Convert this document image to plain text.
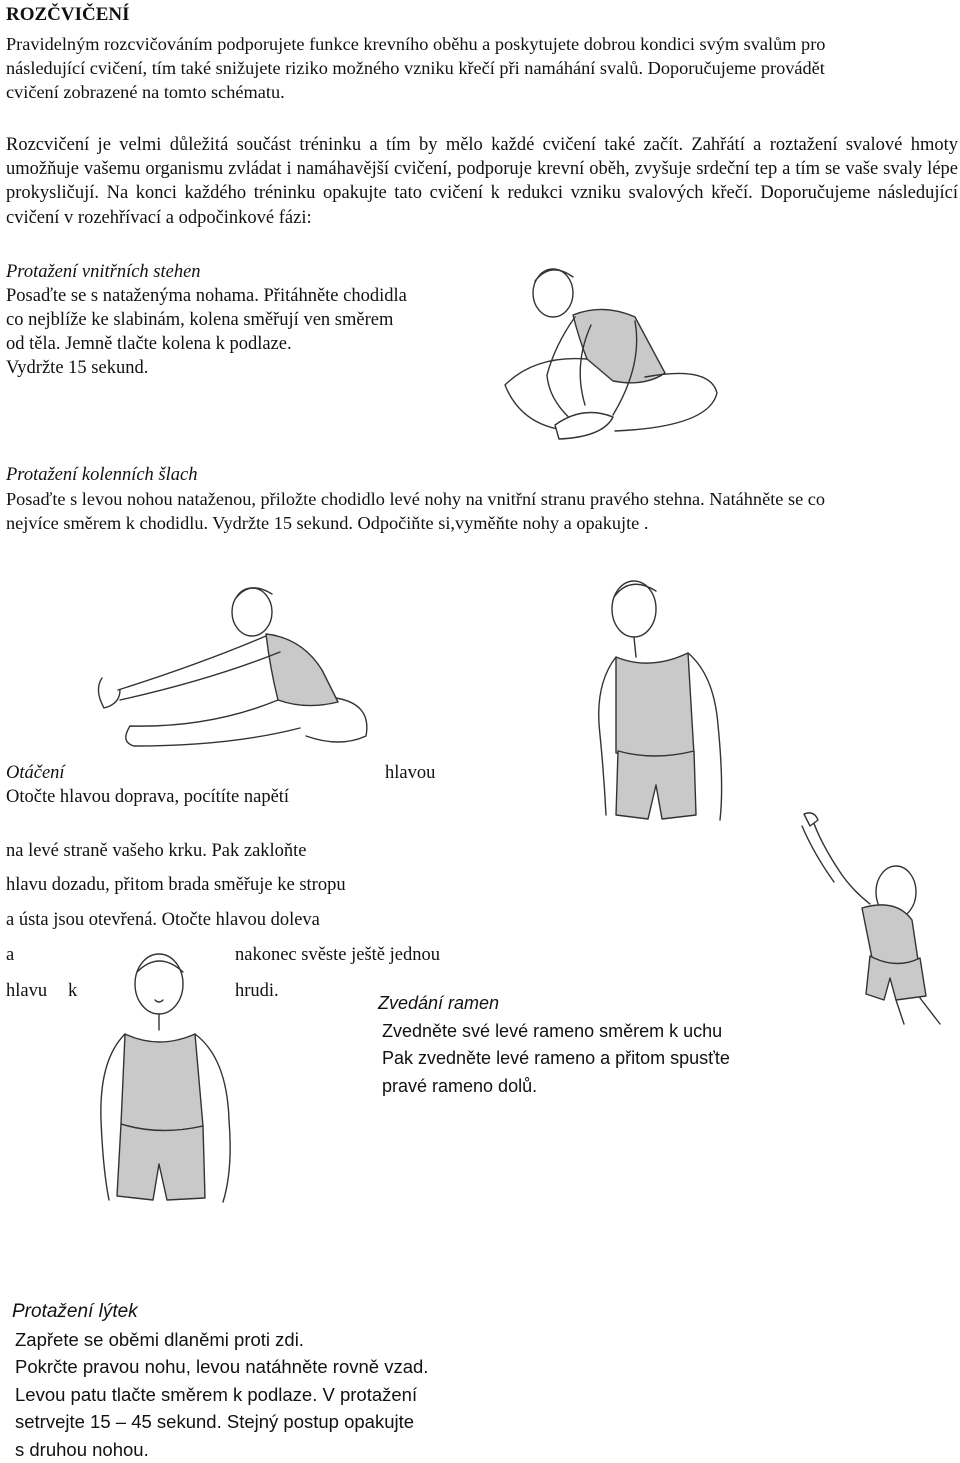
ROZČVIČENÍ
Pravidelným rozcvičováním podporujete funkce krevního oběhu a poskytujete dobrou kondici svým svalům pro
následující cvičení, tím také snižujete riziko možného vzniku křečí při namáhání svalů. Doporučujeme provádět
cvičení zobrazené na tomto schématu.
Rozcvičení je velmi důležitá součást tréninku a tím by mělo každé cvičení také začít. Zahřátí a roztažení svalové hmoty umožňuje vašemu organismu zvládat i namáhavější cvičení, podporuje krevní oběh, zvyšuje srdeční tep a tím se vaše svaly lépe prokysličují. Na konci každého tréninku opakujte tato cvičení k redukci vzniku svalových křečí. Doporučujeme následující cvičení v rozehřívací a odpočinkové fázi:
Protažení vnitřních stehen
Posaďte se s nataženýma nohama. Přitáhněte chodidla
co nejblíže ke slabinám, kolena směřují ven směrem
od těla. Jemně tlačte kolena k podlaze.
Vydržte 15 sekund.
Protažení kolenních šlach
Posaďte s levou nohou nataženou, přiložte chodidlo levé nohy na vnitřní stranu pravého stehna. Natáhněte se co
nejvíce směrem k chodidlu. Vydržte 15 sekund. Odpočiňte si,vyměňte nohy a opakujte .
Otáčení	hlavou
Otočte hlavou doprava, pocítíte napětí
na levé straně vašeho krku. Pak zakloňte
hlavu dozadu, přitom brada směřuje ke stropu
a ústa jsou otevřená. Otočte hlavou doleva
a	nakonec svěste ještě jednou
hlavu k	hrudi.
Zvedání ramen
Zvedněte své levé rameno směrem k uchu
Pak zvedněte levé rameno a přitom spusťte
pravé rameno dolů.
Protažení lýtek
Zapřete se oběmi dlaněmi proti zdi.
Pokrčte pravou nohu, levou natáhněte rovně vzad.
Levou patu tlačte směrem k podlaze. V protažení
setrvejte 15 – 45 sekund. Stejný postup opakujte
s druhou nohou.
